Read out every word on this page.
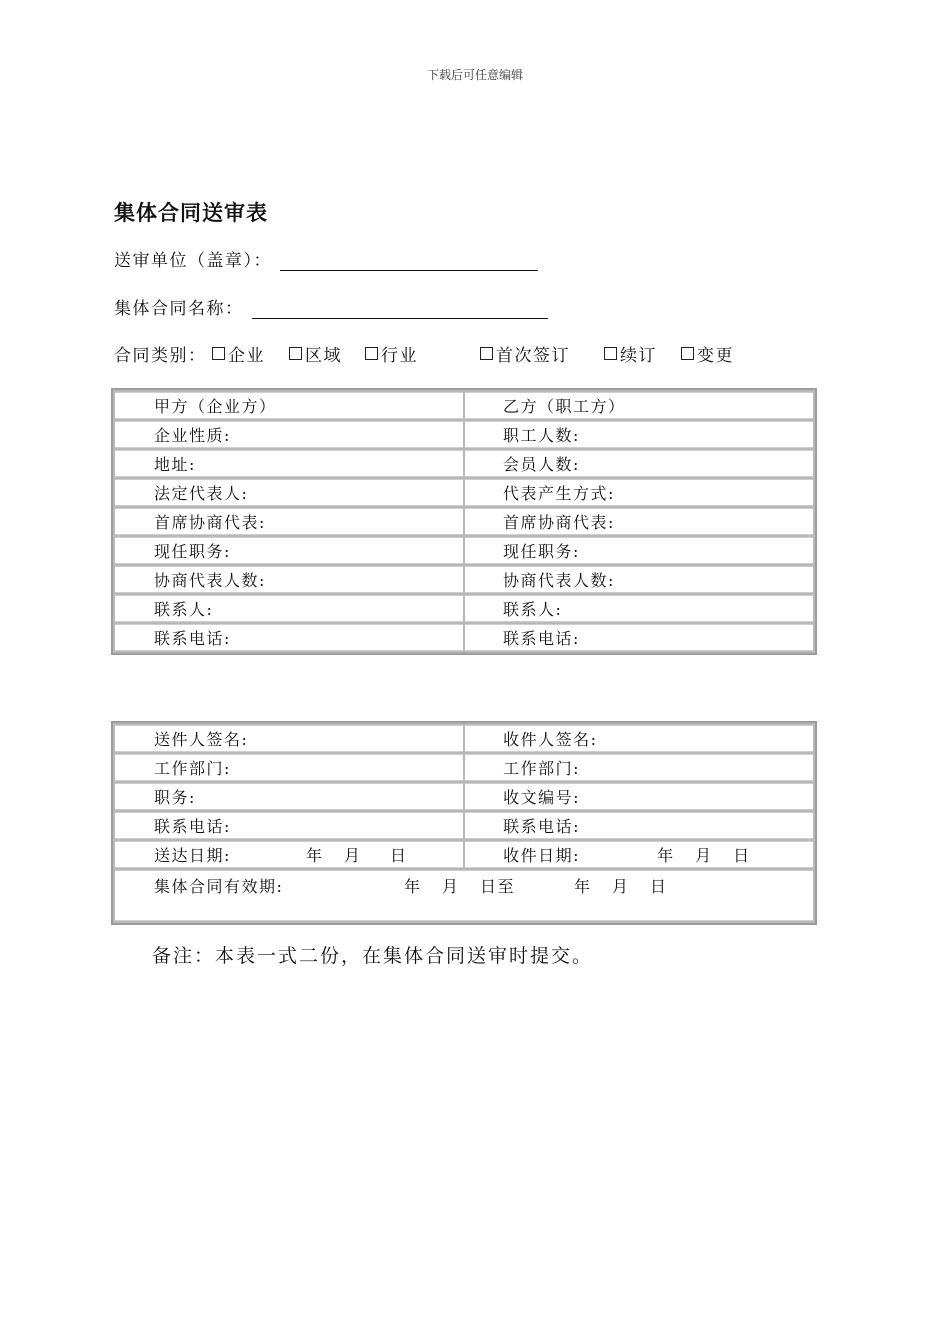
下载后可任意编辑
集体合同送审表
送审单位（盖章）：
集体合同名称：
合同类别：	企业	区域	行业	首次签订	续订	变更
甲方（企业方）	乙方（职工方）
企业性质:	职工人数:
地址:	会员人数:
法定代表人:	代表产生方式:
首席协商代表:	首席协商代表:
现任职务:	现任职务:
协商代表人数:	协商代表人数:
联系人:	联系人:
联系电话:	联系电话:
送件人签名:	收件人签名:
工作部门:	工作部门:
职务:	收文编号:
联系电话:	联系电话:
送达日期: 年 月 日	收件日期: 年 月 日
集体合同有效期: 年 月 日至 年 月 日	
备注：本表一式二份，在集体合同送审时提交。
